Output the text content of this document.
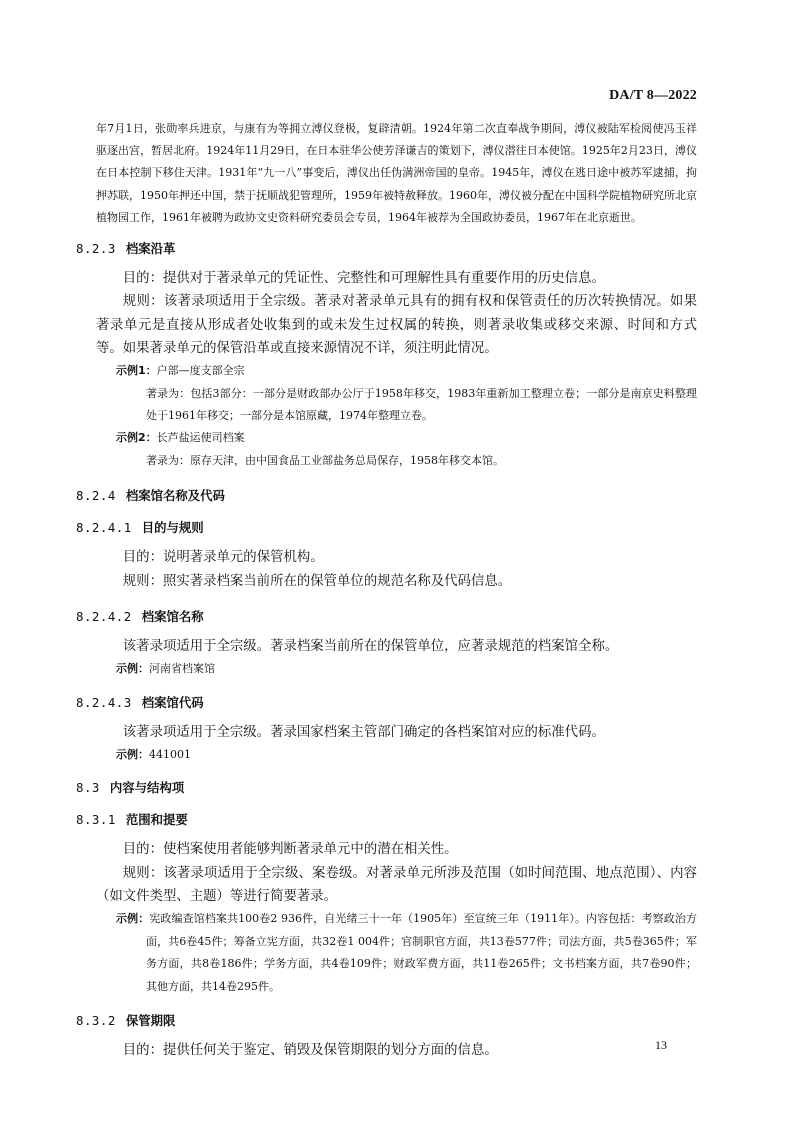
DA/T 8—2022

年7月1日，张勋率兵进京，与康有为等拥立溥仪登极，复辟清朝。1924年第二次直奉战争期间，溥仪被陆军检阅使冯玉祥驱逐出宫，暂居北府。1924年11月29日，在日本驻华公使芳泽谦吉的策划下，溥仪潜往日本使馆。1925年2月23日，溥仪在日本控制下移住天津。1931年“九一八”事变后，溥仪出任伪满洲帝国的皇帝。1945年，溥仪在逃日途中被苏军逮捕，拘押苏联，1950年押还中国，禁于抚顺战犯管理所，1959年被特赦释放。1960年，溥仪被分配在中国科学院植物研究所北京植物园工作，1961年被聘为政协文史资料研究委员会专员，1964年被荐为全国政协委员，1967年在北京逝世。

8.2.3 档案沿革

目的：提供对于著录单元的凭证性、完整性和可理解性具有重要作用的历史信息。

规则：该著录项适用于全宗级。著录对著录单元具有的拥有权和保管责任的历次转换情况。如果著录单元是直接从形成者处收集到的或未发生过权属的转换，则著录收集或移交来源、时间和方式等。如果著录单元的保管沿革或直接来源情况不详，须注明此情况。

示例1：户部—度支部全宗

著录为：包括3部分：一部分是财政部办公厅于1958年移交，1983年重新加工整理立卷；一部分是南京史料整理处于1961年移交；一部分是本馆原藏，1974年整理立卷。

示例2：长芦盐运使司档案

著录为：原存天津，由中国食品工业部盐务总局保存，1958年移交本馆。

8.2.4 档案馆名称及代码
8.2.4.1 目的与规则

目的：说明著录单元的保管机构。

规则：照实著录档案当前所在的保管单位的规范名称及代码信息。

8.2.4.2 档案馆名称

该著录项适用于全宗级。著录档案当前所在的保管单位，应著录规范的档案馆全称。

示例：河南省档案馆

8.2.4.3 档案馆代码

该著录项适用于全宗级。著录国家档案主管部门确定的各档案馆对应的标准代码。

示例：441001

8.3 内容与结构项
8.3.1 范围和提要

目的：使档案使用者能够判断著录单元中的潜在相关性。

规则：该著录项适用于全宗级、案卷级。对著录单元所涉及范围（如时间范围、地点范围）、内容（如文件类型、主题）等进行简要著录。

示例：宪政编查馆档案共100卷2 936件，自光绪三十一年（1905年）至宣统三年（1911年）。内容包括：考察政治方面，共6卷45件；筹备立宪方面，共32卷1 004件；官制职官方面，共13卷577件；司法方面，共5卷365件；军务方面，共8卷186件；学务方面，共4卷109件；财政军费方面，共11卷265件；文书档案方面，共7卷90件；其他方面，共14卷295件。

8.3.2 保管期限

目的：提供任何关于鉴定、销毁及保管期限的划分方面的信息。	13
